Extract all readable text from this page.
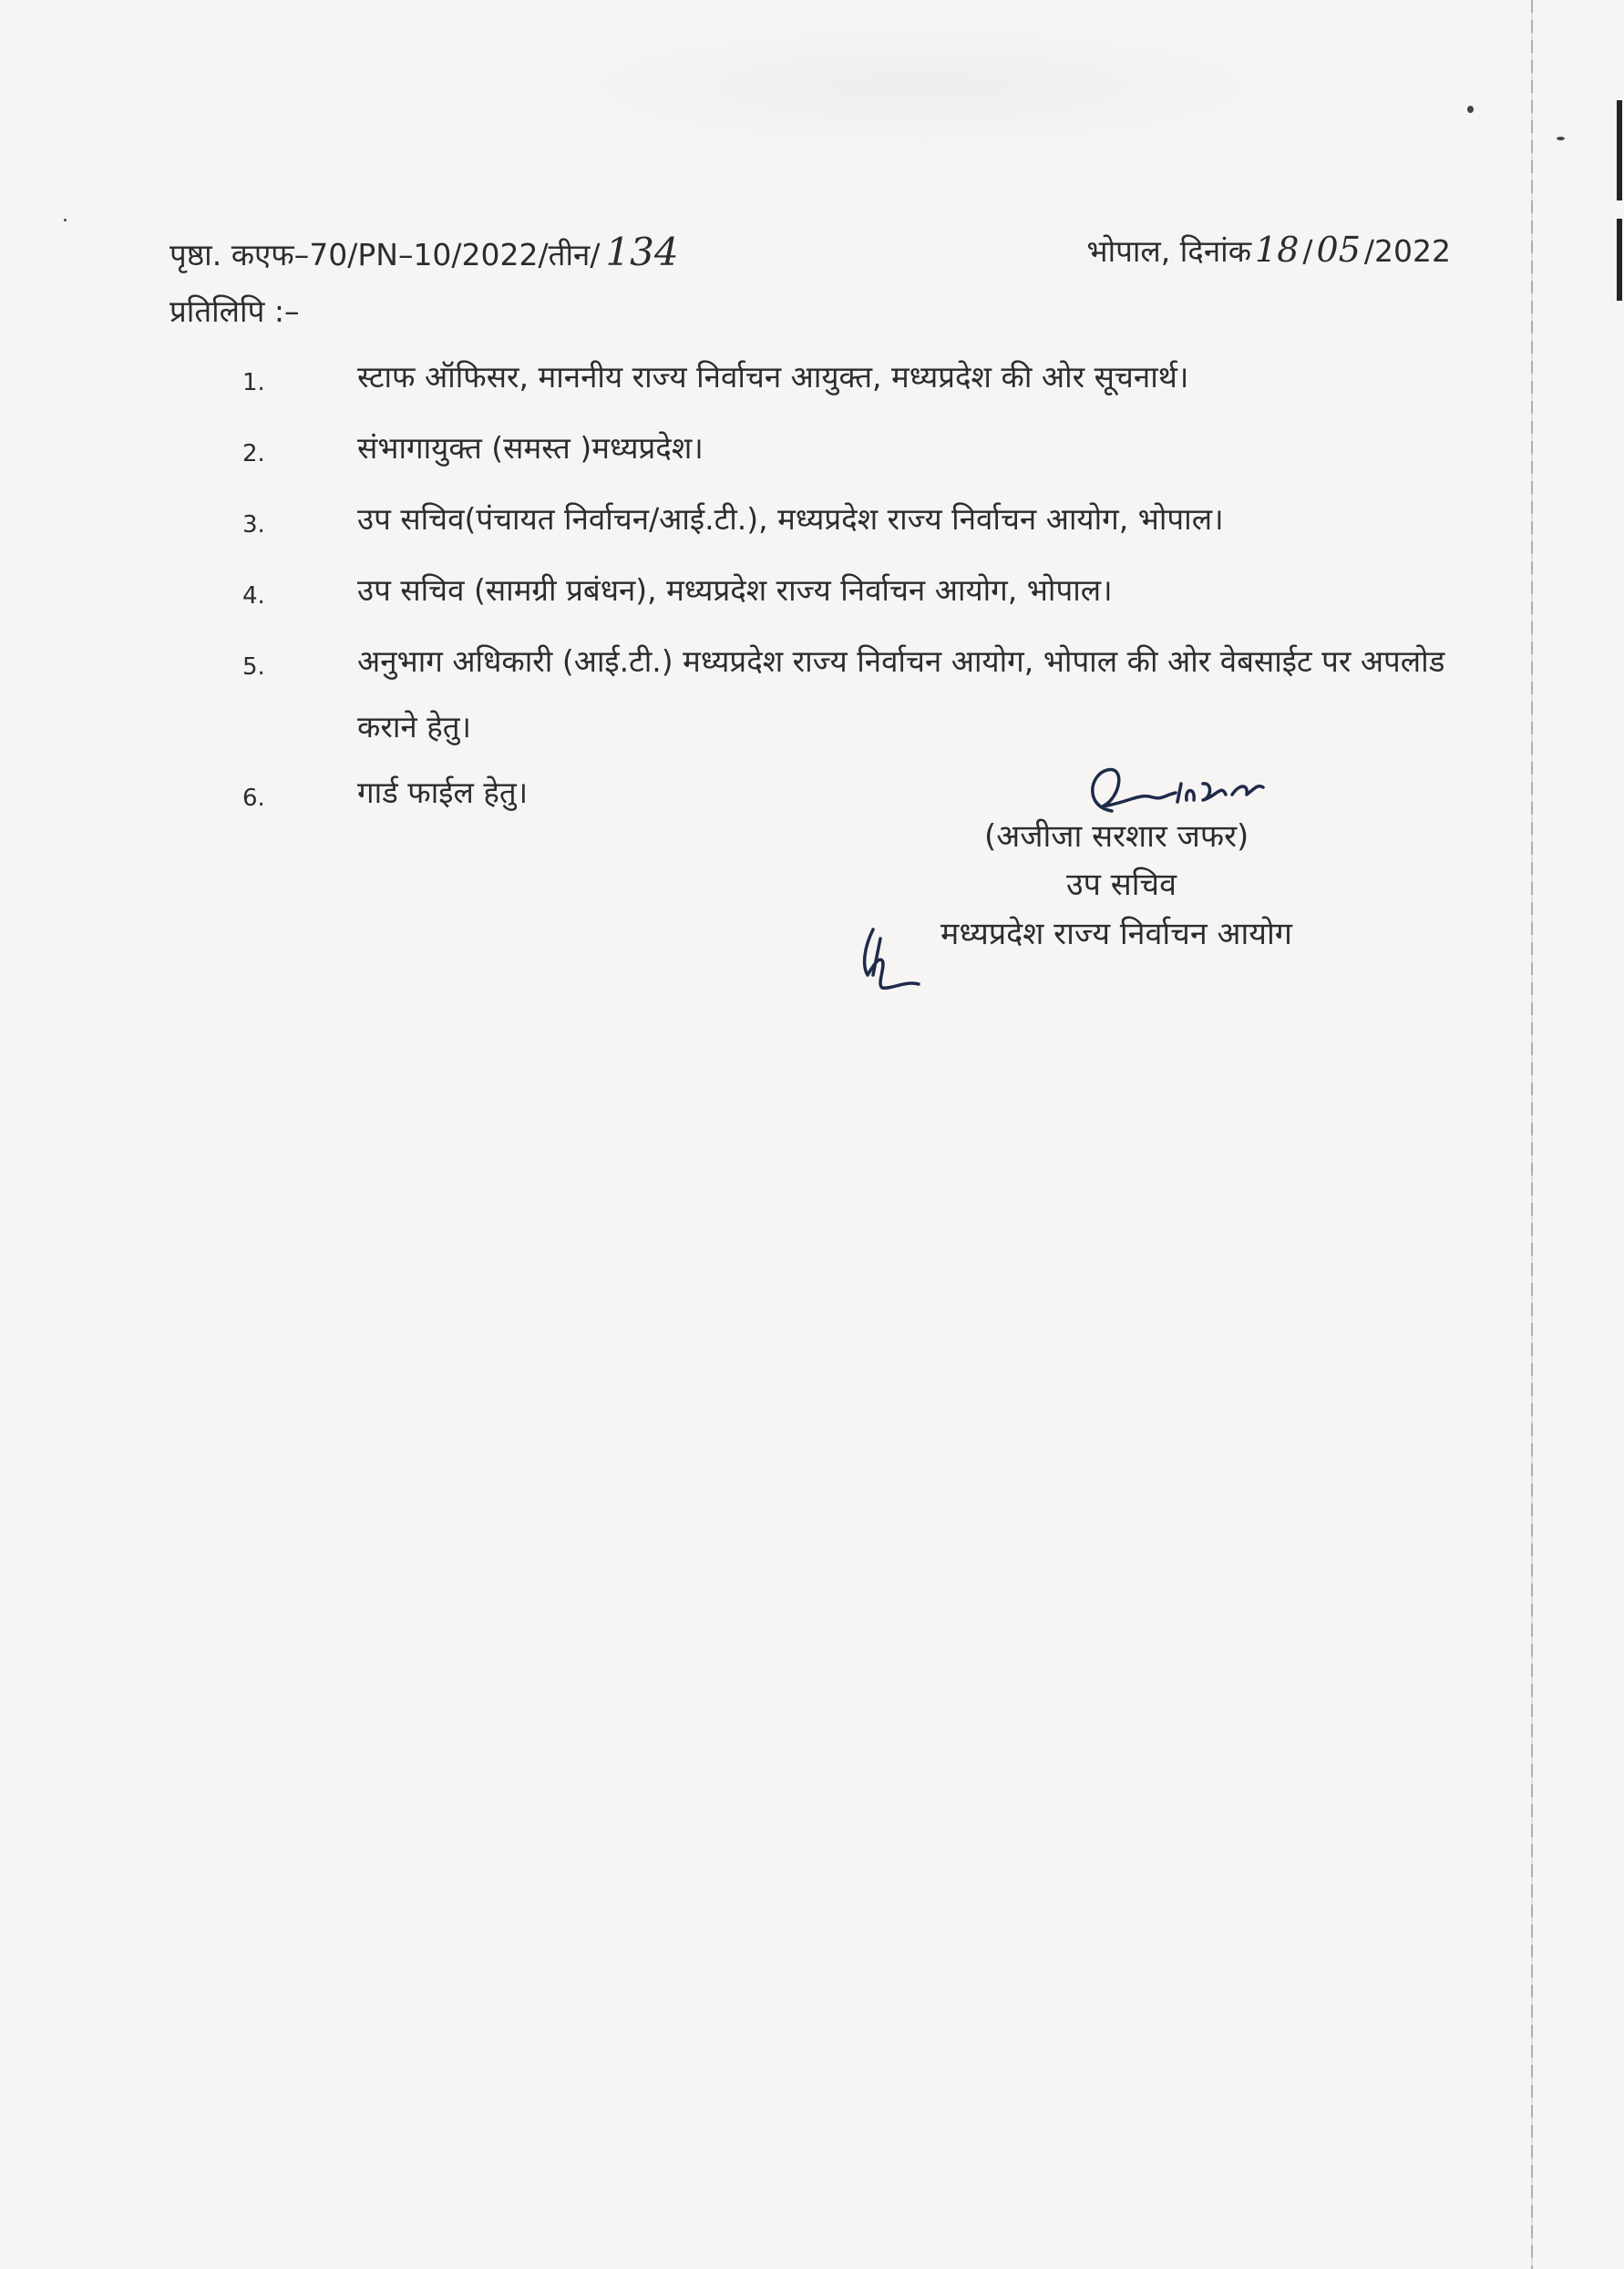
पृष्ठा. कएफ–70/PN–10/2022/तीन/ 134	भोपाल, दिनांक 18 / 05 /2022
प्रतिलिपि :–
1.	स्टाफ ऑफिसर, माननीय राज्य निर्वाचन आयुक्त, मध्यप्रदेश की ओर सूचनार्थ।
2.	संभागायुक्त (समस्त )मध्यप्रदेश।
3.	उप सचिव(पंचायत निर्वाचन/आई.टी.), मध्यप्रदेश राज्य निर्वाचन आयोग, भोपाल।
4.	उप सचिव (सामग्री प्रबंधन), मध्यप्रदेश राज्य निर्वाचन आयोग, भोपाल।
5.	अनुभाग अधिकारी (आई.टी.) मध्यप्रदेश राज्य निर्वाचन आयोग, भोपाल की ओर वेबसाईट पर अपलोड कराने हेतु।
6.	गार्ड फाईल हेतु।
(अजीजा सरशार जफर)
उप सचिव
मध्यप्रदेश राज्य निर्वाचन आयोग
